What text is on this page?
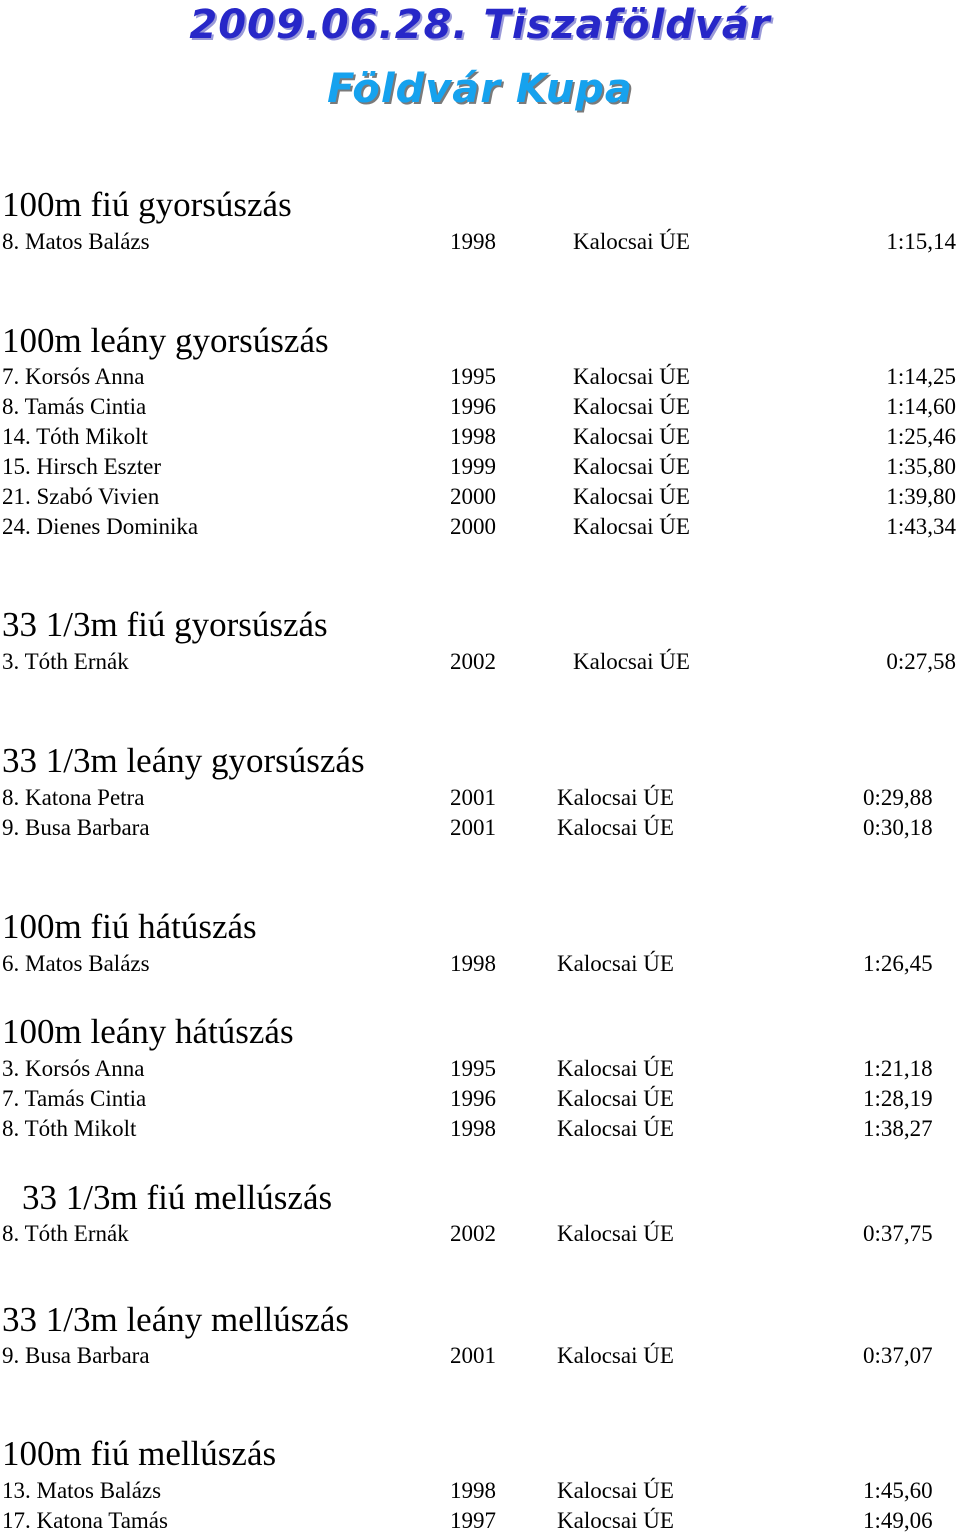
2009.06.28. Tiszaföldvár
Földvár Kupa
100m fiú gyorsúszás
8. Matos Balázs	1998	Kalocsai ÚE	1:15,14
100m leány gyorsúszás
7. Korsós Anna	1995	Kalocsai ÚE	1:14,25
8. Tamás Cintia	1996	Kalocsai ÚE	1:14,60
14. Tóth Mikolt	1998	Kalocsai ÚE	1:25,46
15. Hirsch Eszter	1999	Kalocsai ÚE	1:35,80
21. Szabó Vivien	2000	Kalocsai ÚE	1:39,80
24. Dienes Dominika	2000	Kalocsai ÚE	1:43,34
33 1/3m fiú gyorsúszás
3. Tóth Ernák	2002	Kalocsai ÚE	0:27,58
33 1/3m leány gyorsúszás
8. Katona Petra	2001	Kalocsai ÚE	0:29,88
9. Busa Barbara	2001	Kalocsai ÚE	0:30,18
100m fiú hátúszás
6. Matos Balázs	1998	Kalocsai ÚE	1:26,45
100m leány hátúszás
3. Korsós Anna	1995	Kalocsai ÚE	1:21,18
7. Tamás Cintia	1996	Kalocsai ÚE	1:28,19
8. Tóth Mikolt	1998	Kalocsai ÚE	1:38,27
33 1/3m fiú mellúszás
8. Tóth Ernák	2002	Kalocsai ÚE	0:37,75
33 1/3m leány mellúszás
9. Busa Barbara	2001	Kalocsai ÚE	0:37,07
100m fiú mellúszás
13. Matos Balázs	1998	Kalocsai ÚE	1:45,60
17. Katona Tamás	1997	Kalocsai ÚE	1:49,06
